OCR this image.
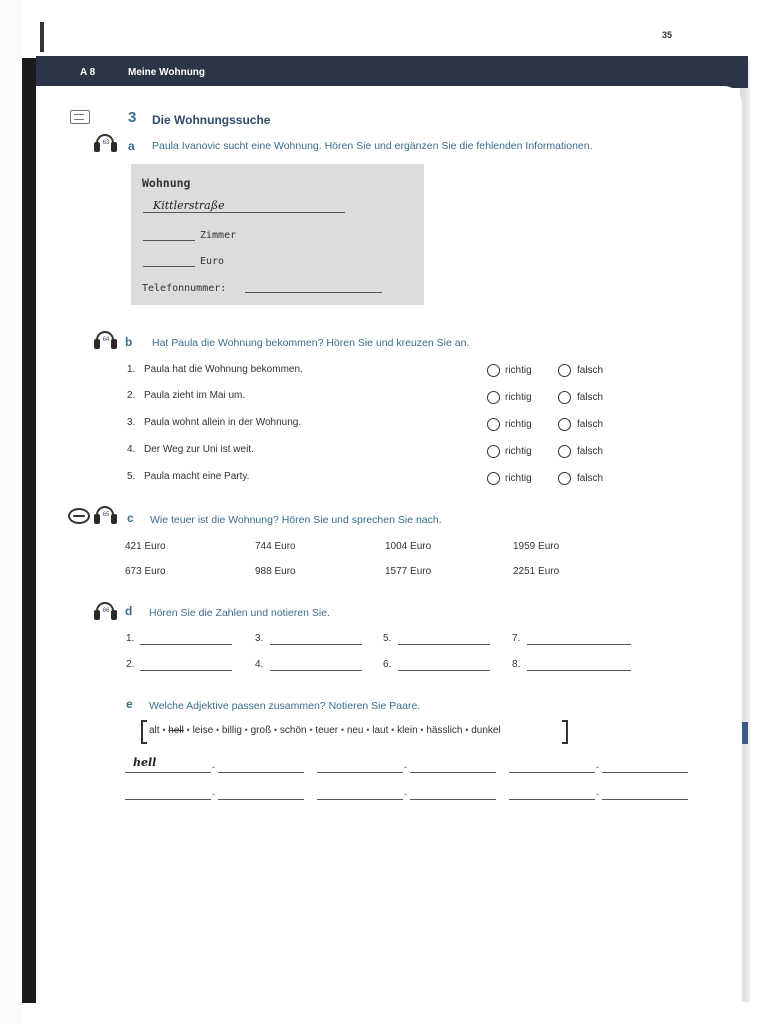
35
A 8	Meine Wohnung
3 Die Wohnungssuche
63	a Paula Ivanovic sucht eine Wohnung. Hören Sie und ergänzen Sie die fehlenden Informationen.
Wohnung
Kittlerstraße
Zimmer
Euro
Telefonnummer:
64	b Hat Paula die Wohnung bekommen? Hören Sie und kreuzen Sie an.
1. Paula hat die Wohnung bekommen.	richtig	falsch
2. Paula zieht im Mai um.	richtig	falsch
3. Paula wohnt allein in der Wohnung.	richtig	falsch
4. Der Weg zur Uni ist weit.	richtig	falsch
5. Paula macht eine Party.	richtig	falsch
65	c Wie teuer ist die Wohnung? Hören Sie und sprechen Sie nach.
421 Euro	744 Euro	1004 Euro	1959 Euro
673 Euro	988 Euro	1577 Euro	2251 Euro
66	d Hören Sie die Zahlen und notieren Sie.
1.	3.	5.	7.
2.	4.	6.	8.
e Welche Adjektive passen zusammen? Notieren Sie Paare.
alt • hell • leise • billig • groß • schön • teuer • neu • laut • klein • hässlich • dunkel
hell	-	-	-
-	-	-
